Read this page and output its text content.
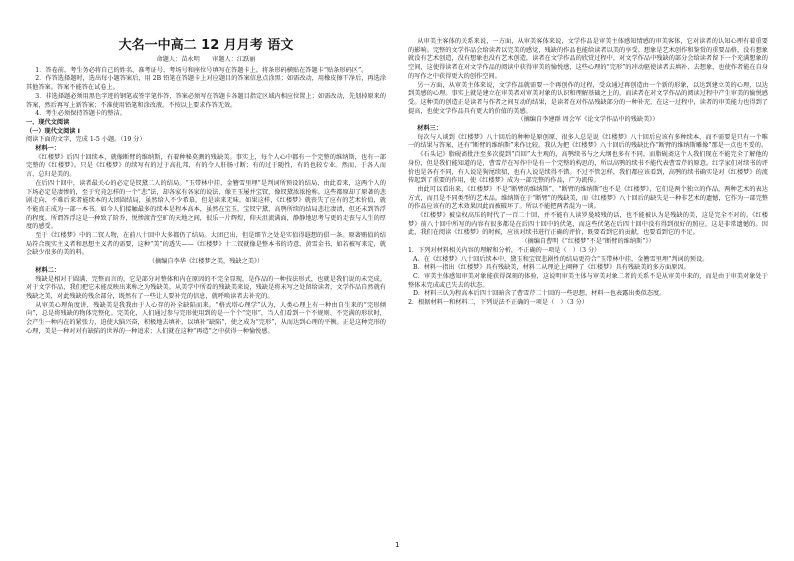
大名一中高二 12 月月考 语文
命题人：苗永明　　审题人：江跃丽

1．答卷前，考生务必将自己的姓名、准考证号、考场号和座位号填写在答题卡上。将条形码横贴在答题卡“贴条形码区”。

2．作答选择题时，选出每小题答案后，用 2B 铅笔在答题卡上对应题目的答案信息点涂黑；如需改动，用橡皮擦干净后，再选涂其他答案。答案不能答在试卷上。

3．非选择题必须用黑色字迹的钢笔或签字笔作答，答案必须写在答题卡各题目指定区域内相应位置上；如需改动，先划掉原来的答案，然后再写上新答案；不准使用铅笔和涂改液。不按以上要求作答无效。

4．考生必须保持答题卡的整洁。

一、现代文阅读

（一）现代文阅读 I

阅读下面的文字，完成 1-5 小题。（19 分）

材料一：

《红楼梦》后四十回续本，就像断臂的维纳斯，有着种秘莫测的残缺美。事实上，每个人心中都有一个完整的维纳斯，也有一部完整的《红楼梦》。只是《红楼梦》的续写有的过于高扎邦，有的令人肝肠寸断；有的过于随性，有的也较专业。然而，于各人而言，总归是美的。

在后四十回中，读者最关心的必定是钗黛二人的结局。“玉带林中挂，金簪雪里埋”是判词所预设的结局，由此看来，这两个人的下场必定是凄惨的，至于究竟怎样的一个“悲”法，却各家有各家的说法，像王玉屡并宝钗，像钗黛浓浓抢称。这些都原却了原著的悲剧走向，不难后来者能续本的大团圆结局，虽然给人不少希慕，但是读来无味。如果这样，《红楼梦》就丧失了应有的艺术价值，就不能真正成为一部一本书。如今人们接触最多的续本是程本高本，虽然在宝玉，宝钗宁黛，高鹗所续的结局悲壮凄清，但还未到答浮的程度。所谓答浮这是一种致了阶乔，悦惨渡背空旷的天地之间，很乐一片辉煌，仰天沮流满面，静静地思考与更的走丧与人生的厚度的感受。

至于《红楼梦》中的二钗人物，在前八十回中大多都仍了结局。大团已出，但是细节之处是实值得遐想的俱一条。原著贿值的结局符合现实主义者和思想主义者的需要，这种“美”的透失——《红楼梦》十二钗就像是整本书的诗意，黄雪金书，如若被写来定，就会缺少很多的美的料。

（摘编自李华《红楼梦之美，残缺之美》）

材料二：

残缺是相对于圆满、完整而言的，它是部分对整体和内在原因的不完全显现，是作品的一种技法形式，也就是我们说的未完成。对于文学作品，我们把它未能反映出来称之为残缺美。从美学中所看的残缺美来说，残缺是将未写之处留给读者，文学作品自然就有残缺之美，对此残缺的残余部分，既然有了一些让人要补完的信息，就呼唤读者去补充的。

从审美心理角度讲，残缺美是我我由于人心存的补全缺陷而来。“格式塔心理学”认为，人类心理上有一种由自生来的“完形倾向”，总是将残缺的物体完整化。完美化，人们通过参与完形使用到的是一个个“完形”，当人们看到一个不规则、不完满的形状时，会产生一种内在的紧张力，迫使大脑兴奋，积极地去填补，以填补“缺陷”，使之成为“完形”，从而达到心理的平衡。正是这种完形的心理，美是一种对对有缺陷的世界的一种追求；人们就在这种“再造”之中获得一种愉悦感。

从审美主客体的关系来说，一方面，从审美客体来说，文学作品是审美主体感知情感的审美客体，它对读者的认知心理有着重要的影响。完整的文学作品会给读者以完美的感觉，残缺的作品也能给读者以美的享受。想象是艺术创作和鉴赏的重要品格，没有想象就没有艺术创造，没有想象也没有艺术创造，读者在文学作品的欣赏过程中，对文学作品中残缺的部分会给读者留下一个充满想象的空间，这使得读者在对文学作品的阅读中获得审美的愉悦感，这些心理的“完形”的冲动驱使读者去填补、去想象，也使作者能在自身的写作之中获得更大的创作空间。

另一方面，从审美主体来说，文学作品就需要一个再创作的过程，受众通过再创造由一个新的形象，以达到建立美的心理，以达到美感的心理。事实上就是建立在审美者对审美对象的认识和理解基础之上的，而读者在对文学作品的阅读过程中产生审美的愉悦感受。这种美的创造正是读者与作者之间互动的结果，是读者在对作品残缺部分的一种补充，在这一过程中，读者的审美能力也得到了提高，也使文学作品具有更大的价值的美感。

（摘编自李建群 周会军《论文学作品中的残缺美》）

材料三：

每次与人谈到《红楼梦》八十回后的种种是原创原，很多人总是说《红楼梦》八十回后应该有多种续本，而不需要是只有一个唯一的结果与答案，还有“断臂的维纳斯”来作比较。我认为把《红楼梦》八十回后的残缺比作“断臂的维纳斯雕像”那是一点也不妥的。

《石头记》脂砚斋批注至多次提到“百回”大主观的，高鹗续书与之大纲也多有不同，而脂砚斋这个人我们现在不能完全了解他的身份，但是我们能知道的是，曹雪芹在写作中是有一个完整的构思的，所以高鹗的续书不能代表曹雪芹的原意。红学家们对续书的评价也是各有不同，有人说是狗尾续貂，也有人说是续得不错。不过不管怎样，我们都应该看到，高鹗的续书确实是对《红楼梦》的流传起到了重要的作用，使《红楼梦》成为一部完整的作品，广为流传。

由此可以看出来，《红楼梦》不是“断臂的维纳斯”，“断臂的维纳斯”也不是《红楼梦》，它们是两个独立的作品，两种艺术的表达方式，而且是不同类型的艺术品。维纳斯在于“断臂”的残缺美，而《红楼梦》八十回后的缺失是一种非艺术的遗憾，它作为一部完整的作品应该有的艺术效果因此而被破坏了。所以不能把两者混为一谈。

《红楼梦》被皇权高压的时代了一百二十回，并不能有人读罗曼坡残的话，也不能被认为是残缺的美，这是完全不对的。《红楼梦》前八十回中所写的内容有很多都是在后四十回中的伏笔，而这些伏笔在后四十回中没有得到很好的照应，这是非常遗憾的。因此，我们在阅读《红楼梦》的时候，应该对续书进行正确的评价，既要看到它的贡献，也要看到它的不足。

（摘编自曹明《“红楼梦”不是“断臂的维纳斯”》）

1．下列对材料相关内容的理解和分析，不正确的一项是（　）（3 分）

A．在《红楼梦》八十回后续本中，黛玉和宝钗悲剧性的结局更符合“玉带林中挂，金簪雪里埋”判词的预设。

B．材料一指出《红楼梦》具有残缺美，材料二从理论上阐释了《红楼梦》具有残缺美的多方面原因。

C．审美主体感知审美对象能获得深刻的体验，这说明审美主体与审美对象二者的关系不是从审美中来的，而是由于审美对象处于整体未完成或已失去的状态。

D．材料三认为程高本后四十回暗含了曹雪芹二十回的一些思想，材料一也表露出类似态度。

2．根据材料一和材料二，下列说法不正确的一项是（　）（3 分）

1
